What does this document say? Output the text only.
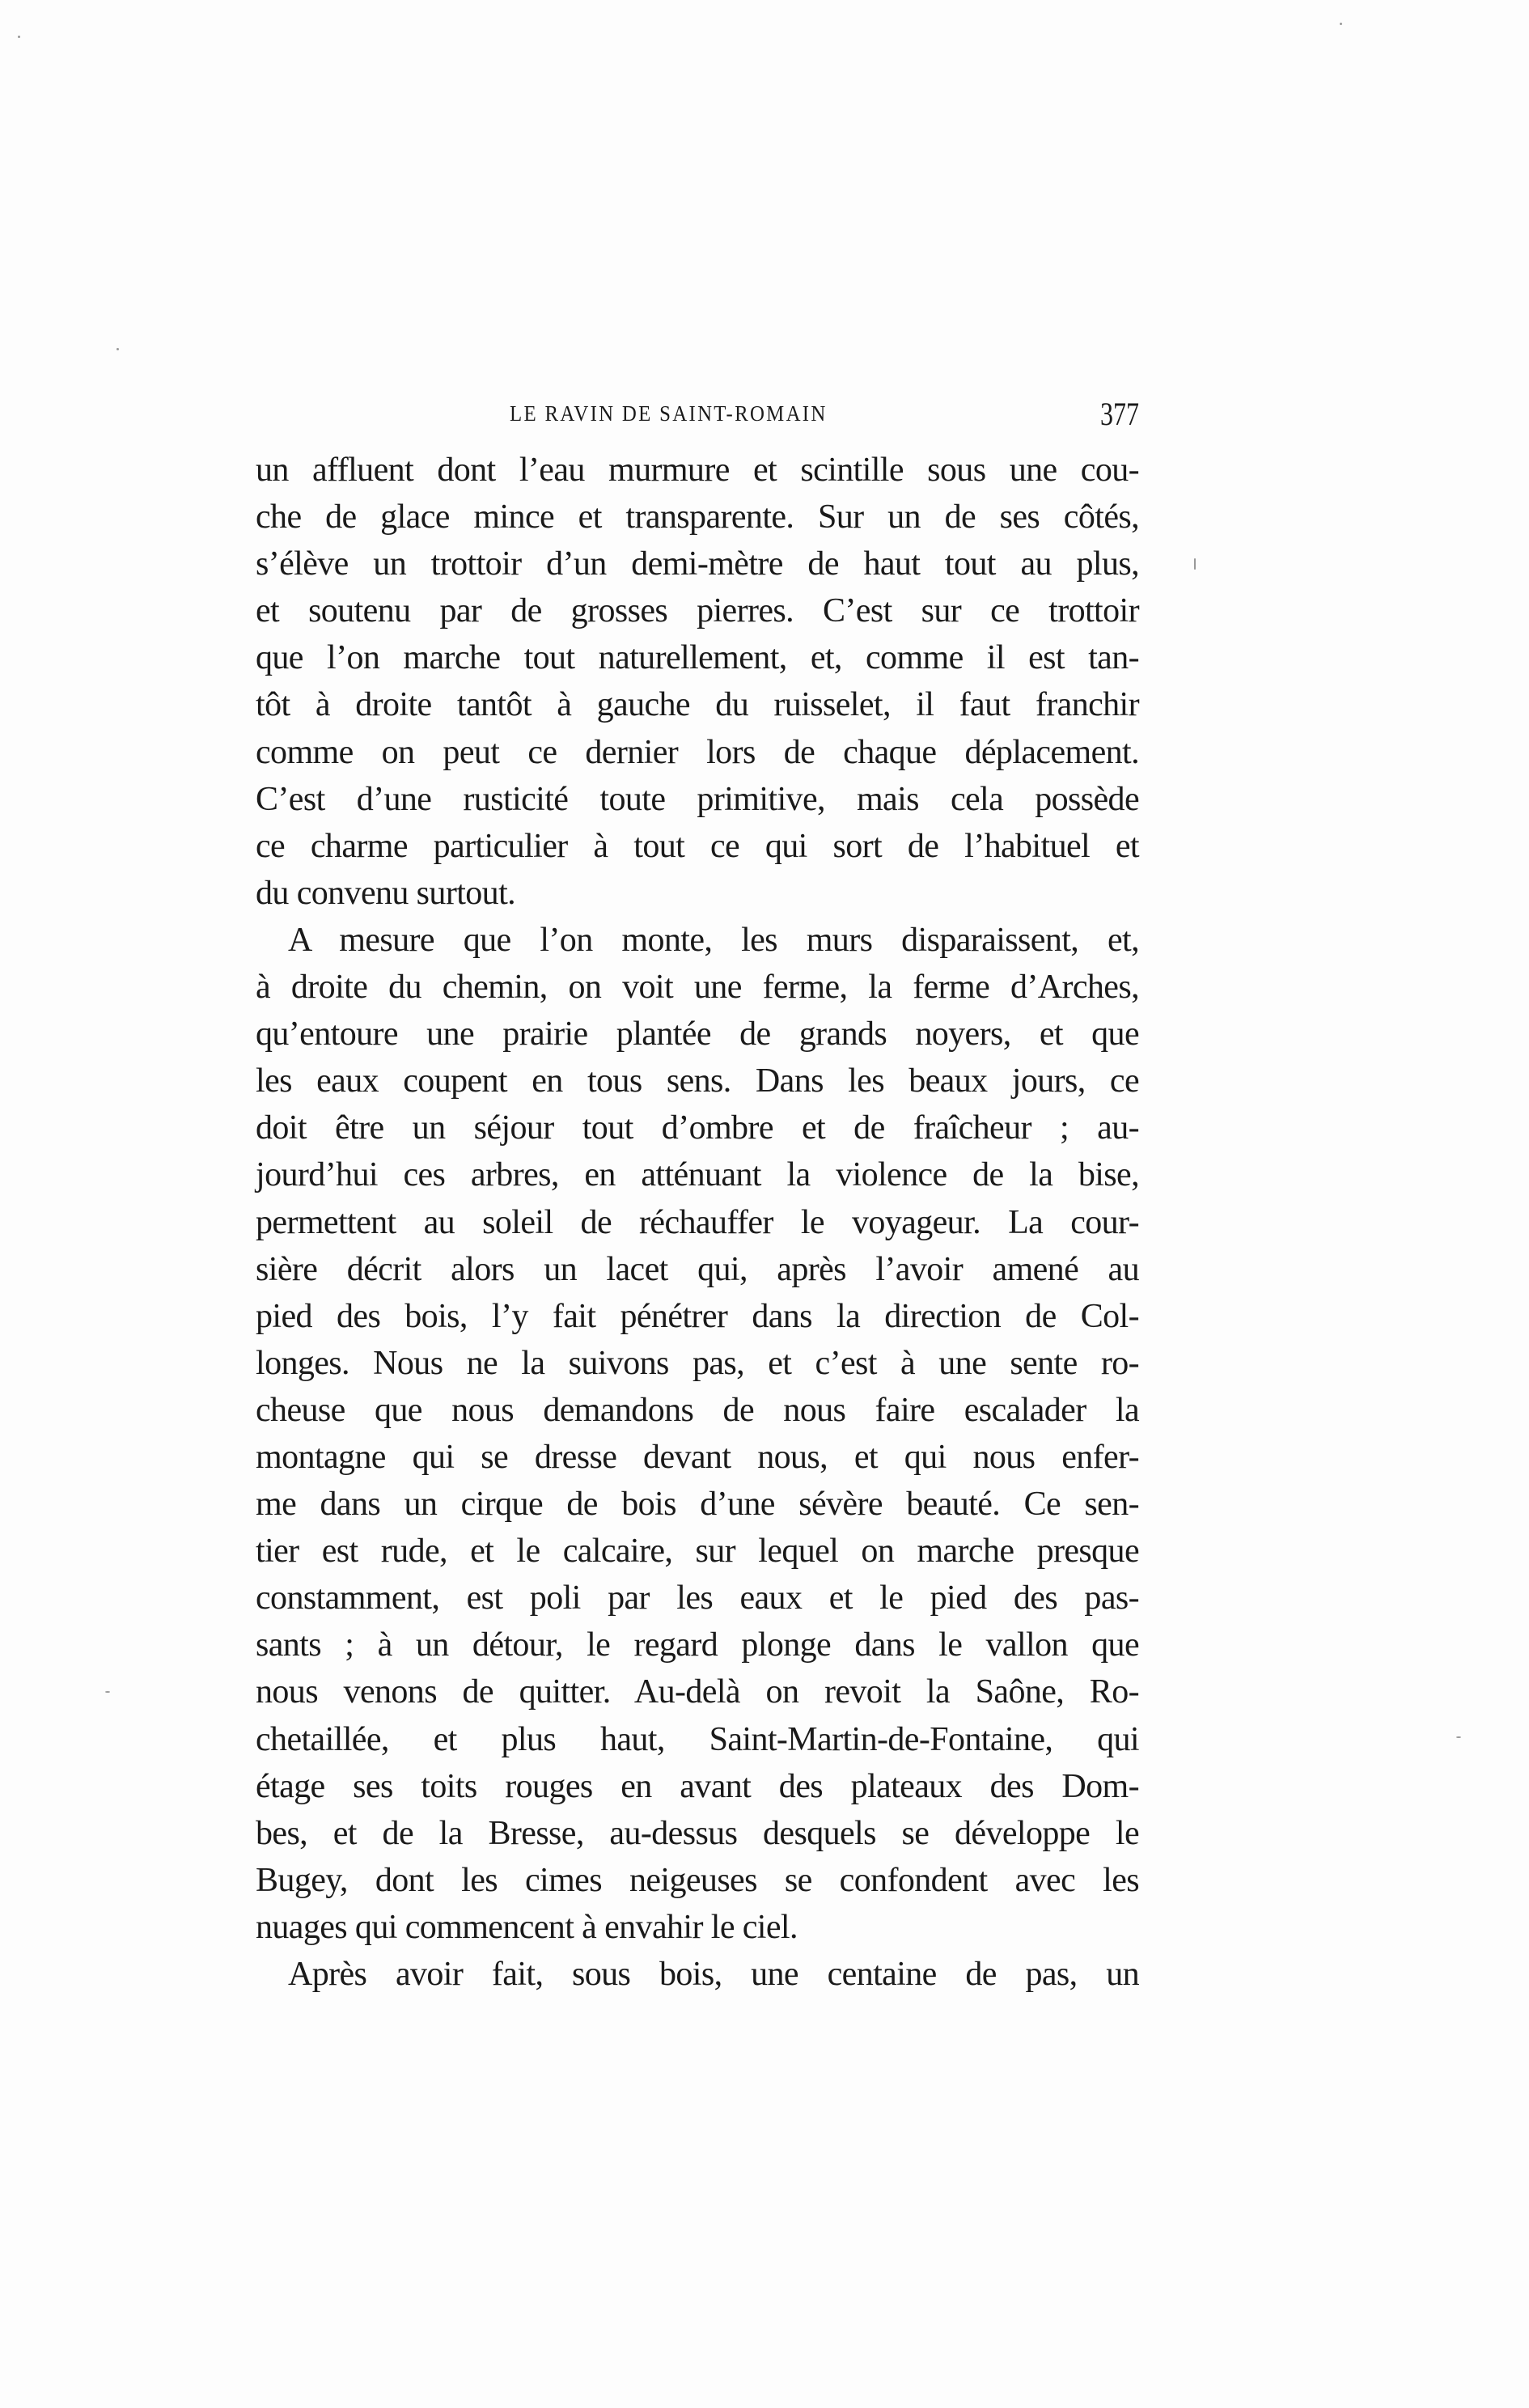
LE RAVIN DE SAINT-ROMAIN	377
un affluent dont l’eau murmure et scintille sous une cou-
che de glace mince et transparente. Sur un de ses côtés,
s’élève un trottoir d’un demi-mètre de haut tout au plus,
et soutenu par de grosses pierres. C’est sur ce trottoir
que l’on marche tout naturellement, et, comme il est tan-
tôt à droite tantôt à gauche du ruisselet, il faut franchir
comme on peut ce dernier lors de chaque déplacement.
C’est d’une rusticité toute primitive, mais cela possède
ce charme particulier à tout ce qui sort de l’habituel et
du convenu surtout.
A mesure que l’on monte, les murs disparaissent, et,
à droite du chemin, on voit une ferme, la ferme d’Arches,
qu’entoure une prairie plantée de grands noyers, et que
les eaux coupent en tous sens. Dans les beaux jours, ce
doit être un séjour tout d’ombre et de fraîcheur ; au-
jourd’hui ces arbres, en atténuant la violence de la bise,
permettent au soleil de réchauffer le voyageur. La cour-
sière décrit alors un lacet qui, après l’avoir amené au
pied des bois, l’y fait pénétrer dans la direction de Col-
longes. Nous ne la suivons pas, et c’est à une sente ro-
cheuse que nous demandons de nous faire escalader la
montagne qui se dresse devant nous, et qui nous enfer-
me dans un cirque de bois d’une sévère beauté. Ce sen-
tier est rude, et le calcaire, sur lequel on marche presque
constamment, est poli par les eaux et le pied des pas-
sants ; à un détour, le regard plonge dans le vallon que
nous venons de quitter. Au-delà on revoit la Saône, Ro-
chetaillée, et plus haut, Saint-Martin-de-Fontaine, qui
étage ses toits rouges en avant des plateaux des Dom-
bes, et de la Bresse, au-dessus desquels se développe le
Bugey, dont les cimes neigeuses se confondent avec les
nuages qui commencent à envahir le ciel.
Après avoir fait, sous bois, une centaine de pas, un
